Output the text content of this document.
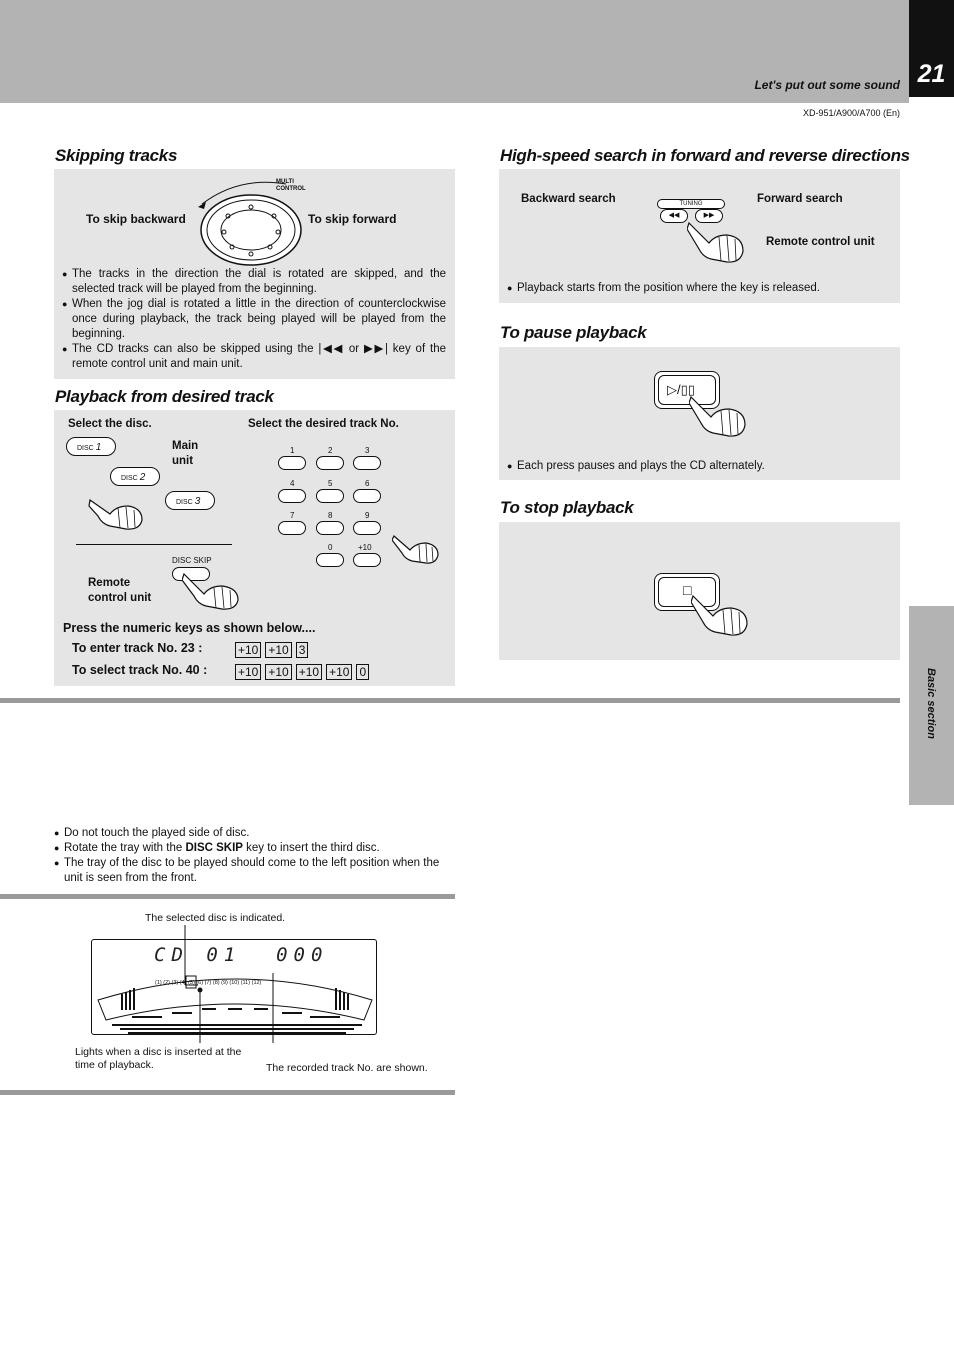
21
Let's put out some sound
XD-951/A900/A700 (En)
Basic section
Skipping tracks
MULTI CONTROL
To skip backward	To skip forward
● The tracks in the direction the dial is rotated are skipped, and the selected track will be played from the beginning.
● When the jog dial is rotated a little in the direction of counterclockwise once during playback, the track being played will be played from the beginning.
● The CD tracks can also be skipped using the |◀◀ or ▶▶| key of the remote control unit and main unit.
Playback from desired track
Select the disc.	Select the desired track No.
Main unit
DISC 1
DISC 2
DISC 3
DISC SKIP
Remote control unit
1	2	3
4	5	6
7	8	9
0	+10
Press the numeric keys as shown below....
To enter track No. 23 :	+10 +10 3
To select track No. 40 :	+10 +10 +10 +10 0
High-speed search in forward and reverse directions
Backward search	Forward search
TUNING
◀◀	▶▶
Remote control unit
● Playback starts from the position where the key is released.
To pause playback
▷/▯▯
● Each press pauses and plays the CD alternately.
To stop playback
□
● Do not touch the played side of disc.
● Rotate the tray with the DISC SKIP key to insert the third disc.
● The tray of the disc to be played should come to the left position when the unit is seen from the front.
The selected disc is indicated.
CD 01  000
(1) (2) (3) (4) (5) (6) (7) (8) (9) (10) (11) (12)
Lights when a disc is inserted at the time of playback.	The recorded track No. are shown.
